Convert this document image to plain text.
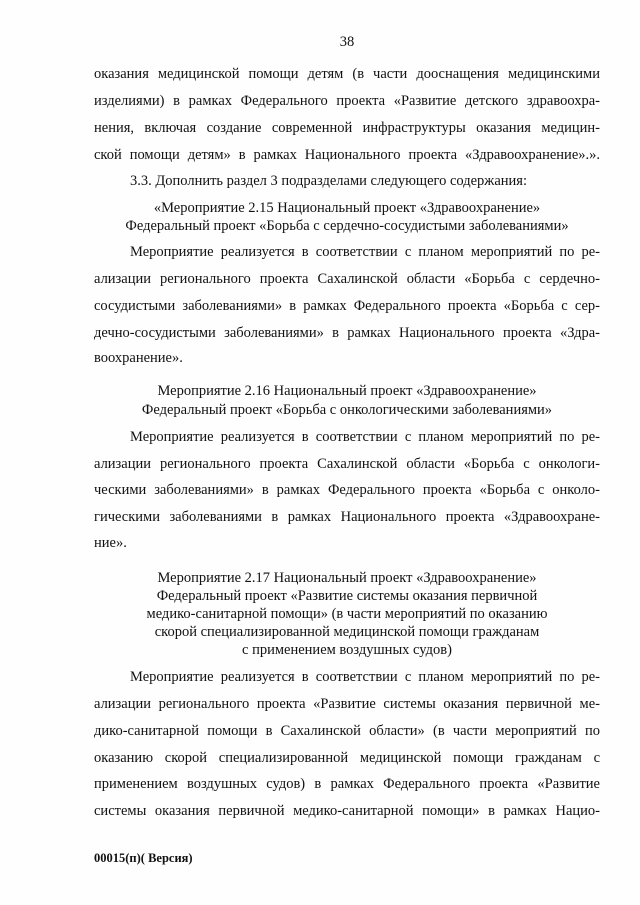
38
оказания медицинской помощи детям (в части дооснащения медицинскими
изделиями) в рамках Федерального проекта «Развитие детского здравоохра-
нения, включая создание современной инфраструктуры оказания медицин-
ской помощи детям» в рамках Национального проекта «Здравоохранение».».
3.3. Дополнить раздел 3 подразделами следующего содержания:
«Мероприятие 2.15 Национальный проект «Здравоохранение»
Федеральный проект «Борьба с сердечно-сосудистыми заболеваниями»
Мероприятие реализуется в соответствии с планом мероприятий по ре-
ализации регионального проекта Сахалинской области «Борьба с сердечно-
сосудистыми заболеваниями» в рамках Федерального проекта «Борьба с сер-
дечно-сосудистыми заболеваниями» в рамках Национального проекта «Здра-
воохранение».
Мероприятие 2.16 Национальный проект «Здравоохранение»
Федеральный проект «Борьба с онкологическими заболеваниями»
Мероприятие реализуется в соответствии с планом мероприятий по ре-
ализации регионального проекта Сахалинской области «Борьба с онкологи-
ческими заболеваниями» в рамках Федерального проекта «Борьба с онколо-
гическими заболеваниями в рамках Национального проекта «Здравоохране-
ние».
Мероприятие 2.17 Национальный проект «Здравоохранение»
Федеральный проект «Развитие системы оказания первичной
медико-санитарной помощи» (в части мероприятий по оказанию
скорой специализированной медицинской помощи гражданам
с применением воздушных судов)
Мероприятие реализуется в соответствии с планом мероприятий по ре-
ализации регионального проекта «Развитие системы оказания первичной ме-
дико-санитарной помощи в Сахалинской области» (в части мероприятий по
оказанию скорой специализированной медицинской помощи гражданам с
применением воздушных судов) в рамках Федерального проекта «Развитие
системы оказания первичной медико-санитарной помощи» в рамках Нацио-
00015(п)( Версия)
